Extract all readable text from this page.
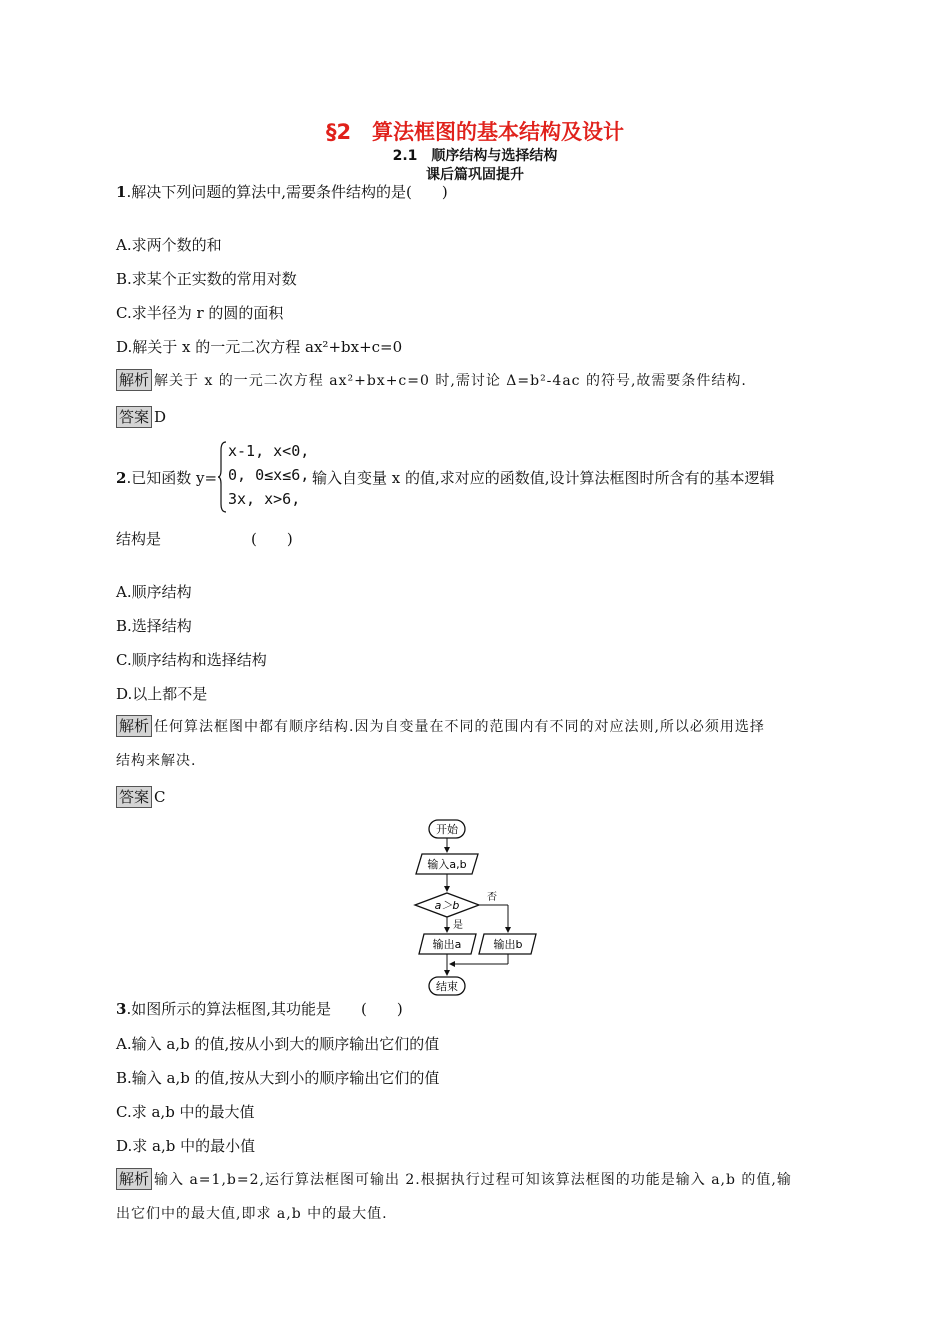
§2　算法框图的基本结构及设计
2.1　顺序结构与选择结构
课后篇巩固提升
1.解决下列问题的算法中,需要条件结构的是(　　)
A.求两个数的和
B.求某个正实数的常用对数
C.求半径为 r 的圆的面积
D.解关于 x 的一元二次方程 ax²+bx+c=0
解析 解关于 x 的一元二次方程 ax²+bx+c=0 时,需讨论 Δ=b²-4ac 的符号,故需要条件结构.
答案 D
2.已知函数 y=
x-1, x<0,
0, 0≤x≤6,
3x, x>6,
输入自变量 x 的值,求对应的函数值,设计算法框图时所含有的基本逻辑
结构是　　　　　　(　　)
A.顺序结构
B.选择结构
C.顺序结构和选择结构
D.以上都不是
解析 任何算法框图中都有顺序结构.因为自变量在不同的范围内有不同的对应法则,所以必须用选择
结构来解决.
答案 C
开始
输入a,b
a＞b
否
是
输出a	输出b
结束
3.如图所示的算法框图,其功能是　　(　　)
A.输入 a,b 的值,按从小到大的顺序输出它们的值
B.输入 a,b 的值,按从大到小的顺序输出它们的值
C.求 a,b 中的最大值
D.求 a,b 中的最小值
解析 输入 a=1,b=2,运行算法框图可输出 2.根据执行过程可知该算法框图的功能是输入 a,b 的值,输
出它们中的最大值,即求 a,b 中的最大值.
